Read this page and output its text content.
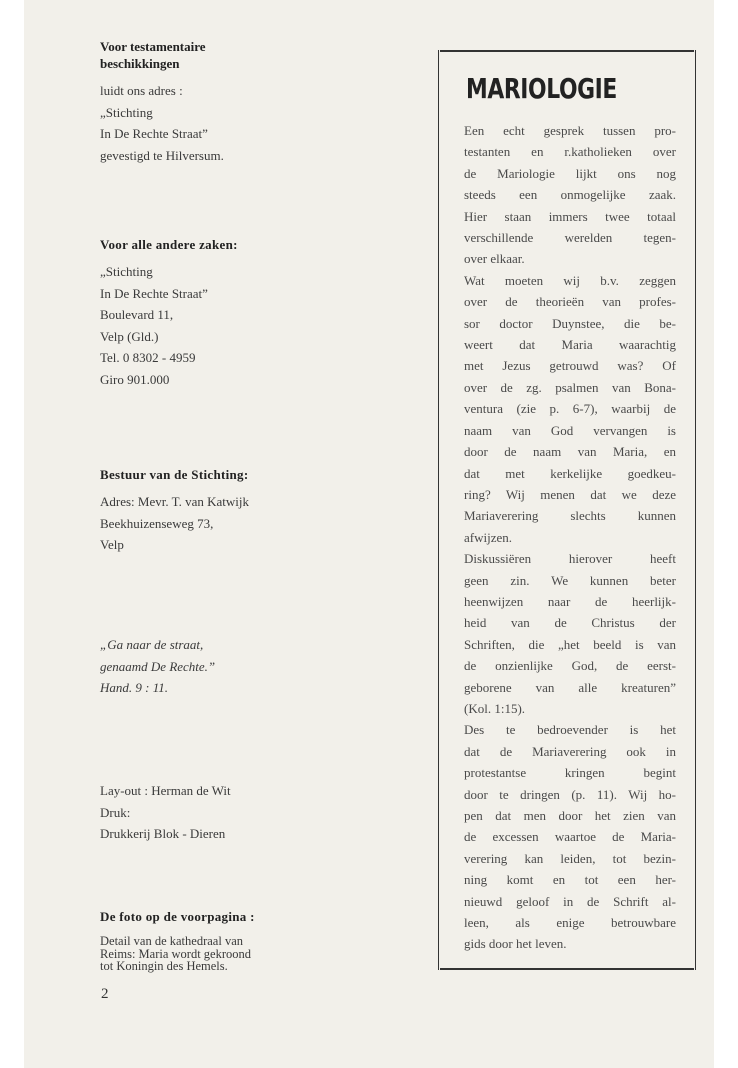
Voor testamentaire
beschikkingen
luidt ons adres :
„Stichting
In De Rechte Straat”
gevestigd te Hilversum.
Voor alle andere zaken:
„Stichting
In De Rechte Straat”
Boulevard 11,
Velp (Gld.)
Tel. 0 8302 - 4959
Giro 901.000
Bestuur van de Stichting:
Adres: Mevr. T. van Katwijk
Beekhuizenseweg 73,
Velp
„Ga naar de straat,
genaamd De Rechte.”
Hand. 9 : 11.
Lay-out : Herman de Wit
Druk:
Drukkerij Blok - Dieren
De foto op de voorpagina :
Detail van de kathedraal van
Reims: Maria wordt gekroond
tot Koningin des Hemels.
2
MARIOLOGIE
Een echt gesprek tussen pro-
testanten en r.katholieken over
de Mariologie lijkt ons nog
steeds een onmogelijke zaak.
Hier staan immers twee totaal
verschillende werelden tegen-
over elkaar.
Wat moeten wij b.v. zeggen
over de theorieën van profes-
sor doctor Duynstee, die be-
weert dat Maria waarachtig
met Jezus getrouwd was? Of
over de zg. psalmen van Bona-
ventura (zie p. 6-7), waarbij de
naam van God vervangen is
door de naam van Maria, en
dat met kerkelijke goedkeu-
ring? Wij menen dat we deze
Mariaverering slechts kunnen
afwijzen.
Diskussiëren hierover heeft
geen zin. We kunnen beter
heenwijzen naar de heerlijk-
heid van de Christus der
Schriften, die „het beeld is van
de onzienlijke God, de eerst-
geborene van alle kreaturen”
(Kol. 1:15).
Des te bedroevender is het
dat de Mariaverering ook in
protestantse kringen begint
door te dringen (p. 11). Wij ho-
pen dat men door het zien van
de excessen waartoe de Maria-
verering kan leiden, tot bezin-
ning komt en tot een her-
nieuwd geloof in de Schrift al-
leen, als enige betrouwbare
gids door het leven.
